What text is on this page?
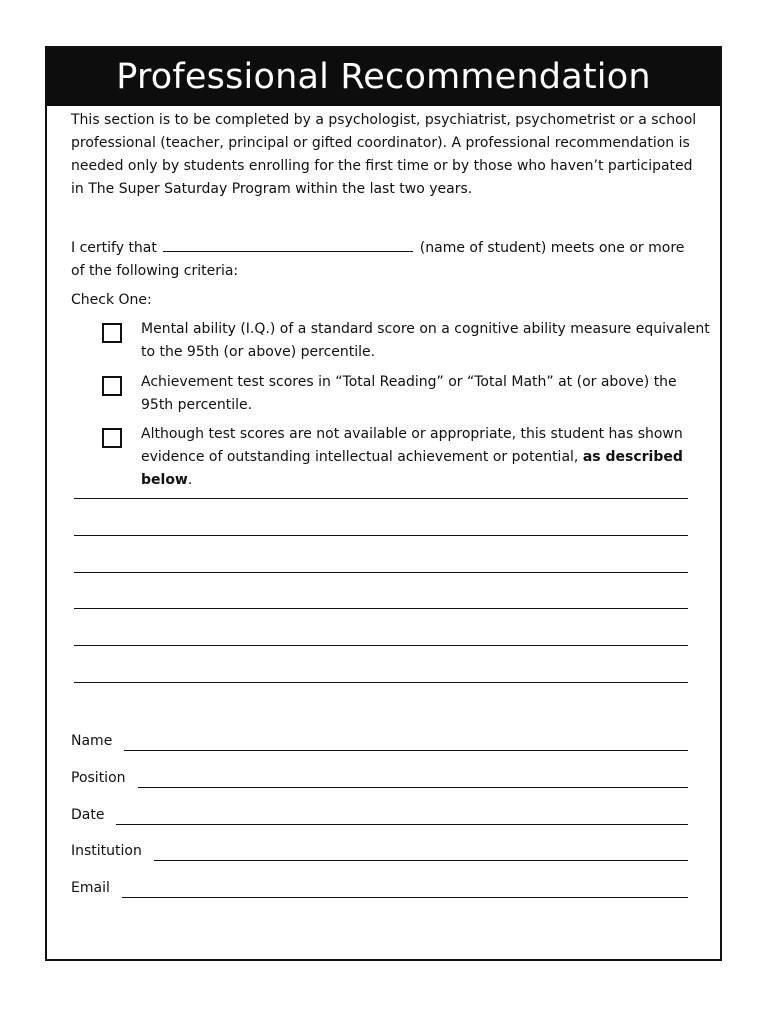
Professional Recommendation
This section is to be completed by a psychologist, psychiatrist, psychometrist or a school professional (teacher, principal or gifted coordinator). A professional recommendation is needed only by students enrolling for the first time or by those who haven’t participated in The Super Saturday Program within the last two years.
I certify that	(name of student) meets one or more of the following criteria:
Check One:
Mental ability (I.Q.) of a standard score on a cognitive ability measure equivalent to the 95th (or above) percentile.
Achievement test scores in “Total Reading” or “Total Math” at (or above) the 95th percentile.
Although test scores are not available or appropriate, this student has shown evidence of outstanding intellectual achievement or potential, as described below.
Name
Position
Date
Institution
Email
